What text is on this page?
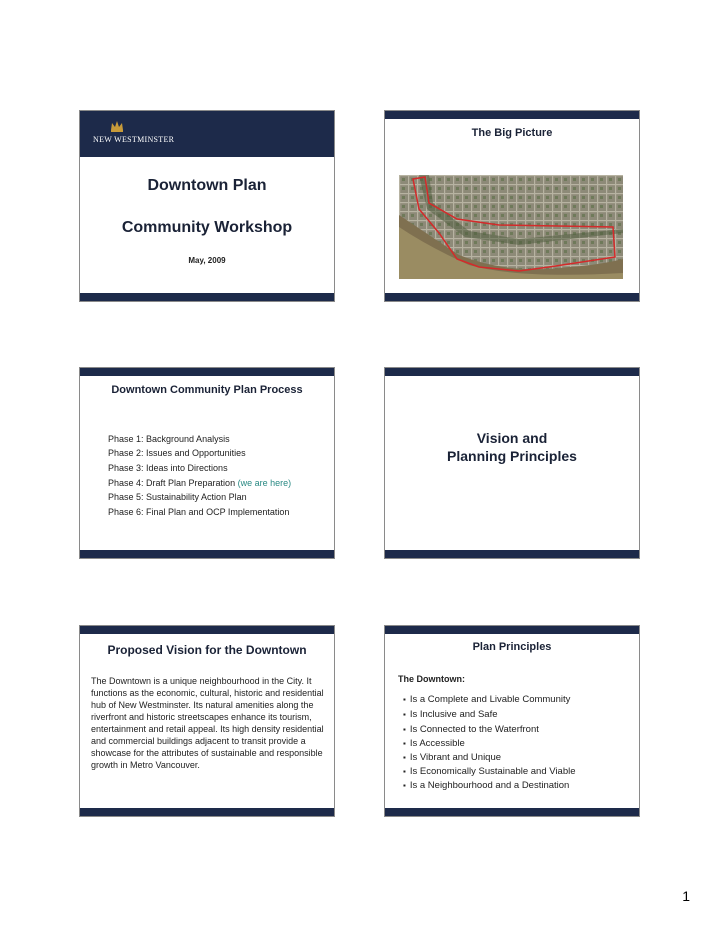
NEW WESTMINSTER
Downtown Plan
Community Workshop
May, 2009
The Big Picture
Downtown Community Plan Process
Phase 1: Background Analysis
Phase 2: Issues and Opportunities
Phase 3: Ideas into Directions
Phase 4: Draft Plan Preparation (we are here)
Phase 5: Sustainability Action Plan
Phase 6: Final Plan and OCP Implementation
Vision and
Planning Principles
Proposed Vision for the Downtown
The Downtown is a unique neighbourhood in the City. It functions as the economic, cultural, historic and residential hub of New Westminster. Its natural amenities along the riverfront and historic streetscapes enhance its tourism, entertainment and retail appeal. Its high density residential and commercial buildings adjacent to transit provide a showcase for the attributes of sustainable and responsible growth in Metro Vancouver.
Plan Principles
The Downtown:
▪ Is a Complete and Livable Community
▪ Is Inclusive and Safe
▪ Is Connected to the Waterfront
▪ Is Accessible
▪ Is Vibrant and Unique
▪ Is Economically Sustainable and Viable
▪ Is a Neighbourhood and a Destination
1
